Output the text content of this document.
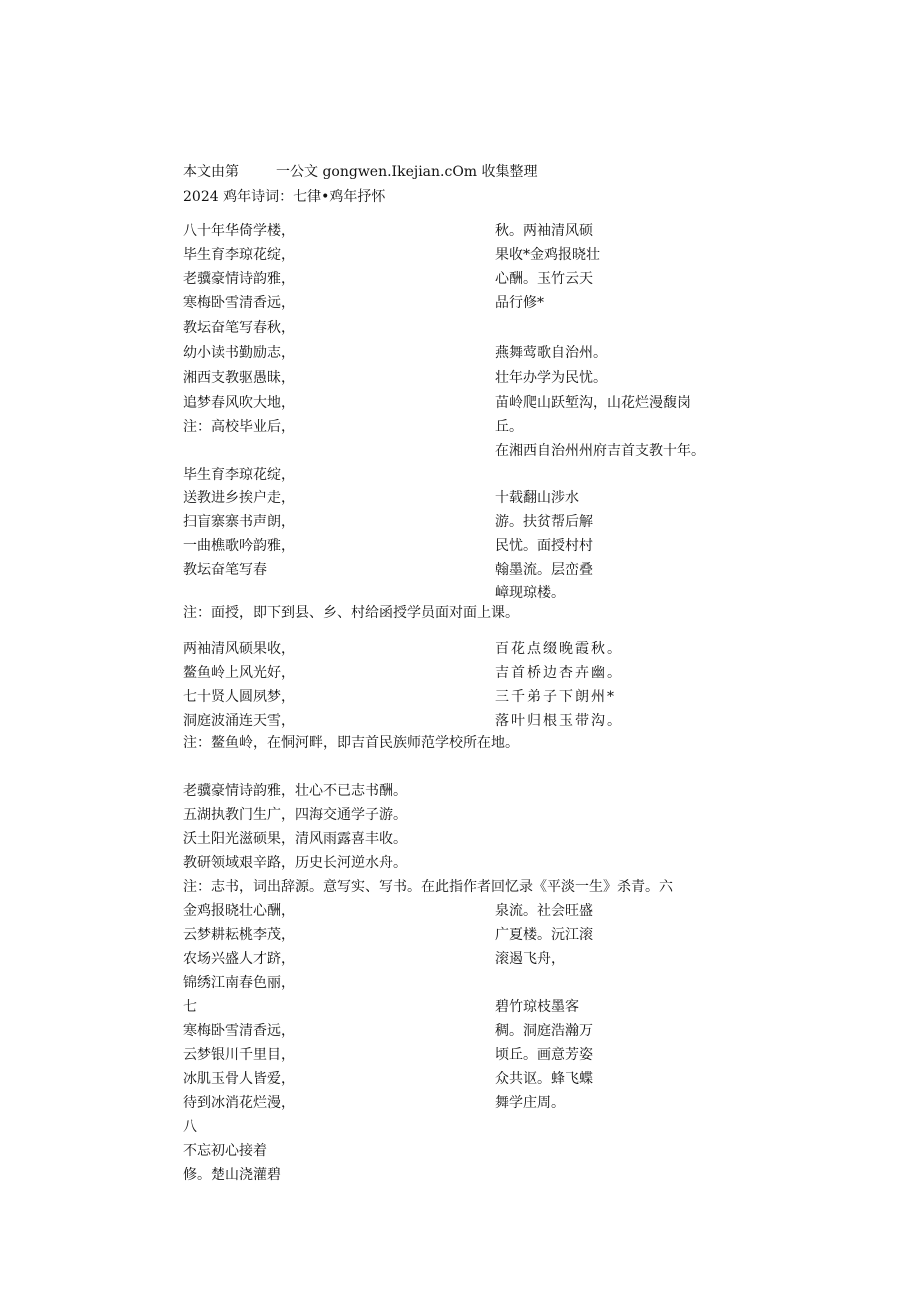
本文由第	一公文 gongwen.Ikejian.cOm 收集整理
2024 鸡年诗词：七律•鸡年抒怀
八十年华倚学楼，	秋。两袖清风硕
毕生育李琼花绽，	果收*金鸡报晓壮
老骥豪情诗韵雅，	心酬。玉竹云天
寒梅卧雪清香远，	品行修*
教坛奋笔写春秋，
幼小读书勤励志，	燕舞莺歌自治州。
湘西支教驱愚昧，	壮年办学为民忧。
追梦春风吹大地，	苗岭爬山跃堑沟，山花烂漫馥岗
注：高校毕业后，	丘。
在湘西自治州州府吉首支教十年。
毕生育李琼花绽，
送教进乡挨户走，	十载翻山涉水
扫盲寨寨书声朗，	游。扶贫帮后解
一曲樵歌吟韵雅，	民忧。面授村村
教坛奋笔写春	翰墨流。层峦叠
嶂现琼楼。
注：面授，即下到县、乡、村给函授学员面对面上课。
两袖清风硕果收，	百花点缀晚霞秋。
鳌鱼岭上风光好，	吉首桥边杏卉幽。
七十贤人圆夙梦，	三千弟子下朗州*
洞庭波涌连天雪，	落叶归根玉带沟。
注：鳌鱼岭，在恫河畔，即吉首民族师范学校所在地。
老骥豪情诗韵雅，壮心不已志书酬。
五湖执教门生广，四海交通学子游。
沃土阳光滋硕果，清风雨露喜丰收。
教研领域艰辛路，历史长河逆水舟。
注：志书，词出辞源。意写实、写书。在此指作者回忆录《平淡一生》杀青。六
金鸡报晓壮心酬，	泉流。社会旺盛
云梦耕耘桃李茂，	广夏楼。沅江滚
农场兴盛人才跻，	滚遏飞舟，
锦绣江南春色丽，
七	碧竹琼枝墨客
寒梅卧雪清香远，	稠。洞庭浩瀚万
云梦银川千里目，	顷丘。画意芳姿
冰肌玉骨人皆爱，	众共讴。蜂飞蝶
待到冰消花烂漫，	舞学庄周。
八
不忘初心接着
修。楚山浇灌碧
